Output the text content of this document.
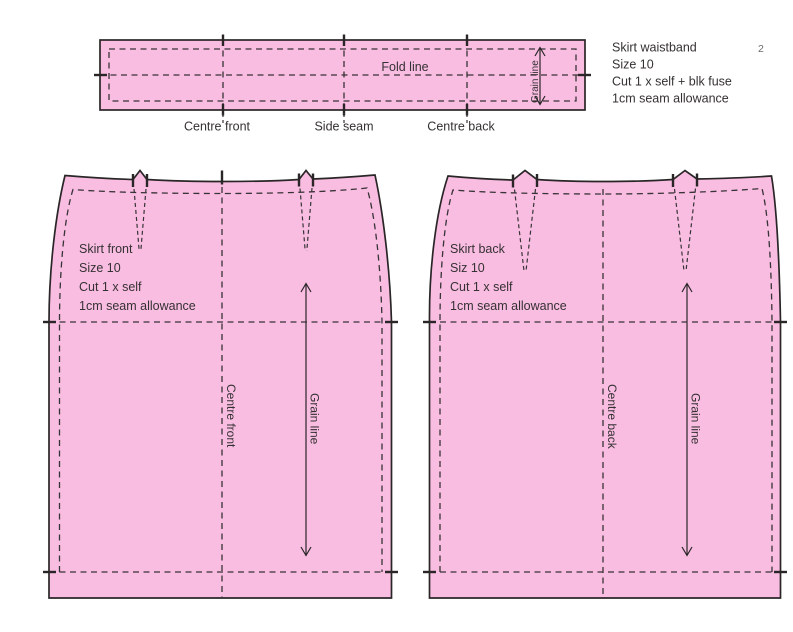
Fold line	Grain line
Centre front	Side seam	Centre back
Skirt waistband
Size 10
Cut 1 x self + blk fuse
1cm seam allowance
2
Centre front	Grain line
Skirt front
Size 10
Cut 1 x self
1cm seam allowance
Centre back	Grain line
Skirt back
Siz 10
Cut 1 x self
1cm seam allowance
